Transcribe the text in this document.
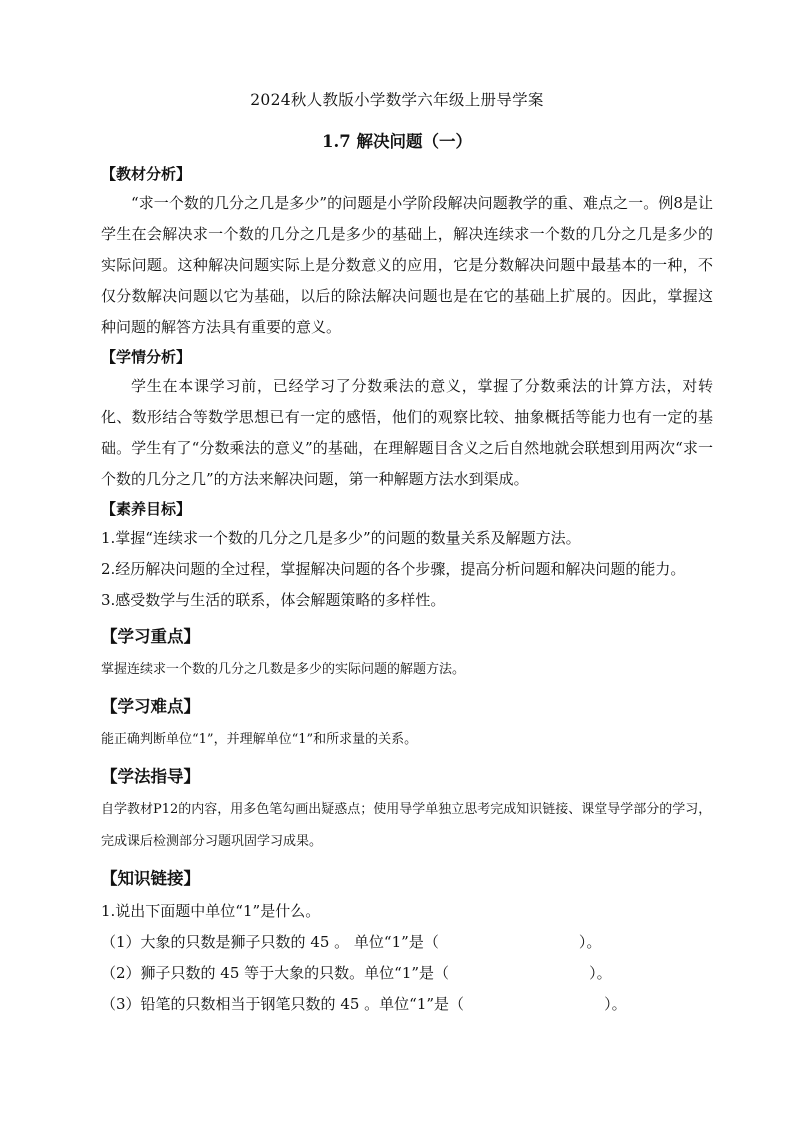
2024秋人教版小学数学六年级上册导学案
1.7 解决问题（一）
【教材分析】

“求一个数的几分之几是多少”的问题是小学阶段解决问题教学的重、难点之一。例8是让学生在会解决求一个数的几分之几是多少的基础上，解决连续求一个数的几分之几是多少的实际问题。这种解决问题实际上是分数意义的应用，它是分数解决问题中最基本的一种，不仅分数解决问题以它为基础，以后的除法解决问题也是在它的基础上扩展的。因此，掌握这种问题的解答方法具有重要的意义。

【学情分析】

学生在本课学习前，已经学习了分数乘法的意义，掌握了分数乘法的计算方法，对转化、数形结合等数学思想已有一定的感悟，他们的观察比较、抽象概括等能力也有一定的基础。学生有了“分数乘法的意义”的基础，在理解题目含义之后自然地就会联想到用两次“求一个数的几分之几”的方法来解决问题，第一种解题方法水到渠成。

【素养目标】

1.掌握“连续求一个数的几分之几是多少”的问题的数量关系及解题方法。

2.经历解决问题的全过程，掌握解决问题的各个步骤，提高分析问题和解决问题的能力。

3.感受数学与生活的联系，体会解题策略的多样性。

【学习重点】

掌握连续求一个数的几分之几数是多少的实际问题的解题方法。

【学习难点】

能正确判断单位“1”，并理解单位“1”和所求量的关系。

【学法指导】

自学教材P12的内容，用多色笔勾画出疑惑点；使用导学单独立思考完成知识链接、课堂导学部分的学习，完成课后检测部分习题巩固学习成果。

【知识链接】

1.说出下面题中单位“1”是什么。

（1）大象的只数是狮子只数的 45 。 单位“1”是（	）。

（2）狮子只数的 45 等于大象的只数。单位“1”是（	）。

（3）铅笔的只数相当于钢笔只数的 45 。单位“1”是（	）。
